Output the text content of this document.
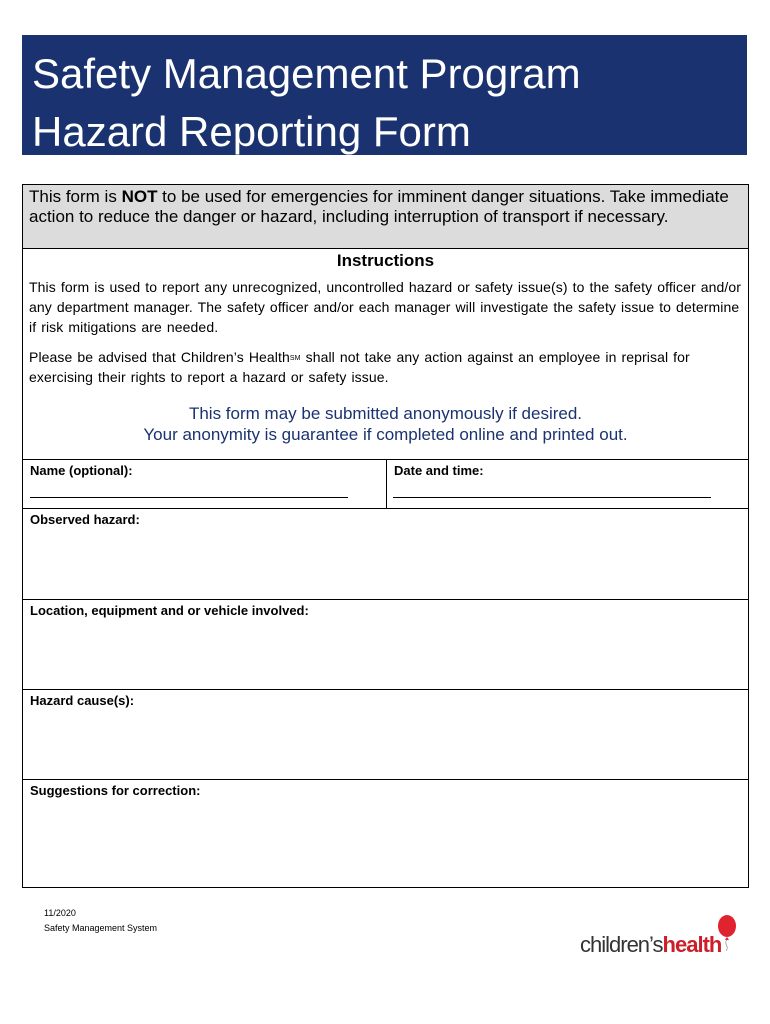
Safety Management Program
Hazard Reporting Form
This form is NOT to be used for emergencies for imminent danger situations. Take immediate action to reduce the danger or hazard, including interruption of transport if necessary.
Instructions

This form is used to report any unrecognized, uncontrolled hazard or safety issue(s) to the safety officer and/or any department manager. The safety officer and/or each manager will investigate the safety issue to determine if risk mitigations are needed.

Please be advised that Children’s Health℠ shall not take any action against an employee in reprisal for exercising their rights to report a hazard or safety issue.

This form may be submitted anonymously if desired.
Your anonymity is guarantee if completed online and printed out.
Name (optional):	Date and time:
Observed hazard:
Location, equipment and or vehicle involved:
Hazard cause(s):
Suggestions for correction:
11/2020
Safety Management System
children’shealth
